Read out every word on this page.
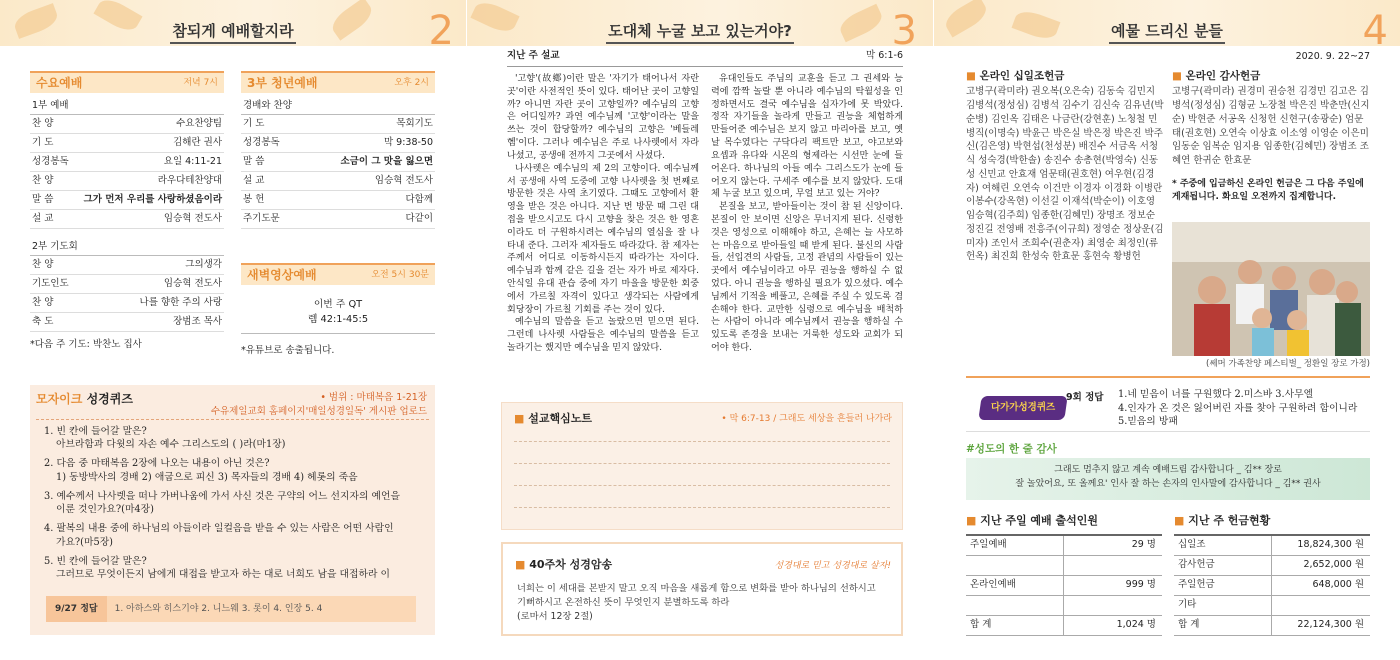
참되게 예배할지라	2
수요예배	저녁 7시
1부 예배
찬 양	수요찬양팀
기 도	김해란 권사
성경봉독	요일 4:11-21
찬 양	라우다테찬양대
말 씀	그가 먼저 우리를 사랑하셨음이라
설 교	임승혁 전도사
2부 기도회
찬 양	그의생각
기도인도	임승혁 전도사
찬 양	나를 향한 주의 사랑
축 도	장범조 목사
*다음 주 기도: 박찬노 집사
3부 청년예배	오후 2시
경배와 찬양
기 도	목회기도
성경봉독	막 9:38-50
말 씀	소금이 그 맛을 잃으면
설 교	임승혁 전도사
봉 헌	다함께
주기도문	다같이
새벽영상예배	오전 5시 30분
이번 주 QT
렘 42:1-45:5
*유튜브로 송출됩니다.
모자이크 성경퀴즈	• 범위 : 마태복음 1-21장
수유제일교회 홈페이지'매일성경일독' 게시판 업로드

1. 빈 칸에 들어갈 말은?
아브라함과 다윗의 자손 예수 그리스도의 ( )라(마1장)

2. 다음 중 마태복음 2장에 나오는 내용이 아닌 것은?
1) 동방박사의 경배 2) 애굽으로 피신 3) 목자들의 경배 4) 헤롯의 죽음

3. 예수께서 나사렛을 떠나 가버나움에 가서 사신 것은 구약의 어느 선지자의 예언을
이룬 것인가요?(마4장)

4. 팔복의 내용 중에 하나님의 아들이라 일컬음을 받을 수 있는 사람은 어떤 사람인
가요?(마5장)

5. 빈 칸에 들어갈 말은?
그러므로 무엇이든지 남에게 대접을 받고자 하는 대로 너희도 남을 대접하라 이

9/27 정답	1. 아하스와 히스기야 2. 니느웨 3. 롯이 4. 인장 5. 4
도대체 누굴 보고 있는거야?	3
지난 주 설교	막 6:1-6

'고향'(故鄕)이란 말은 '자기가 태어나서 자란 곳'이란 사전적인 뜻이 있다. 태어난 곳이 고향일까? 아니면 자란 곳이 고향일까? 예수님의 고향은 어디일까? 과연 예수님께 '고향'이라는 말을 쓰는 것이 합당할까? 예수님의 고향은 '베들레헴'이다. 그러나 예수님은 주로 나사렛에서 자라나셨고, 공생애 전까지 그곳에서 사셨다.

나사렛은 예수님의 제 2의 고향이다. 예수님께서 공생애 사역 도중에 고향 나사렛을 첫 번째로 방문한 것은 사역 초기였다. 그때도 고향에서 환영을 받은 것은 아니다. 지난 번 방문 때 그린 대접을 받으시고도 다시 고향을 찾은 것은 한 영혼이라도 더 구원하시려는 예수님의 열심을 잘 나타내 준다. 그러자 제자들도 따라갔다. 참 제자는 주께서 어디로 이동하시든지 따라가는 자이다. 예수님과 함께 같은 길을 걷는 자가 바로 제자다. 안식일 유대 관습 중에 자기 마을을 방문한 회중에서 가르칠 자격이 있다고 생각되는 사람에게 회당장이 가르칠 기회를 주는 것이 있다.

예수님의 말씀을 듣고 놀랐으면 믿으면 된다. 그런데 나사렛 사람들은 예수님의 말씀을 듣고 놀라기는 했지만 예수님을 믿지 않았다.

유대인들도 주님의 교훈을 듣고 그 권세와 능력에 깜짝 놀랄 뿐 아니라 예수님의 탁월성을 인정하면서도 결국 예수님을 십자가에 못 박았다. 정작 자기들을 놀라게 만들고 권능을 체험하게 만들어준 예수님은 보지 않고 마리아를 보고, 옛날 목수였다는 구닥다리 팩트만 보고, 야고보와 요셉과 유다와 시몬의 형제라는 시선만 눈에 들어온다. 하나님의 아들 예수 그리스도가 눈에 들어오지 않는다. 구세주 예수를 보지 않았다. 도대체 누굴 보고 있으며, 무얼 보고 있는 거야?

본질을 보고, 받아들이는 것이 참 된 신앙이다. 본질이 안 보이면 신앙은 무너지게 된다. 신령한 것은 영성으로 이해해야 하고, 은혜는 늘 사모하는 마음으로 받아들일 때 받게 된다. 불신의 사람들, 선입견의 사람들, 고정 관념의 사람들이 있는 곳에서 예수님이라고 아무 권능을 행하실 수 없었다. 아니 권능을 행하실 필요가 있으셨다. 예수님께서 기적을 베풀고, 은혜를 주실 수 있도록 겸손해야 한다. 교만한 심령으로 예수님을 배척하는 사람이 아니라 예수님께서 권능을 행하실 수 있도록 존경을 보내는 거룩한 성도와 교회가 되어야 한다.

■ 설교핵심노트	• 막 6:7-13 / 그래도 세상을 흔들러 나가라
■ 40주차 성경암송	성경대로 믿고 성경대로 살자!
너희는 이 세대를 본받지 말고 오직 마음을 새롭게 함으로 변화를 받아 하나님의 선하시고
기뻐하시고 온전하신 뜻이 무엇인지 분별하도록 하라
(로마서 12장 2절)
예물 드리신 분들	4
2020. 9. 22~27
■ 온라인 십일조헌금
고병구(곽미라) 권오복(오은숙) 김동숙 김민지 김병석(정성심) 김병석 김수기 김신숙 김유년(박순병) 김인옥 김태은 나금란(강현훈) 노청철 민병직(이명숙) 박윤근 박은실 박은정 박은진 박주신(김은영) 박현섭(천성분) 배진수 서금옥 서청식 성숙경(박한솔) 송진수 송총현(박영숙) 신동성 신민교 안효재 엄문태(권호현) 여우현(김경자) 여해린 오연숙 이건만 이경자 이경화 이병란 이봉수(강옥현) 이선길 이재석(박순이) 이호영 임승혁(김주희) 임종한(김혜민) 장명조 정보순 정진길 전영배 전흥주(이규희) 정영순 정상운(김미자) 조인서 조희수(권춘자) 최영순 최정인(류헌옥) 최진희 한성숙 한효문 홍현숙 황병헌
■ 온라인 감사헌금
고병구(곽미라) 권경미 권승천 김경민 김고은 김병석(정성심) 김형균 노장철 박은진 박춘만(신지순) 박현준 서공옥 신청헌 신현구(송광순) 엄문태(권호현) 오연숙 이상효 이소영 이영순 이은미 임동순 임복순 임지용 임종한(김혜민) 장범조 조혜연 한귀순 한효문
* 주중에 입금하신 온라인 헌금은 그 다음 주일에 게재됩니다. 화요일 오전까지 집계합니다.
(쎄머 가족찬양 페스티벌_ 정환일 장로 가정)
다가가성경퀴즈
9회 정답 1.네 믿음이 너를 구원했다 2.미스바 3.사무엘
4.인자가 온 것은 잃어버린 자를 찾아 구원하려 함이니라
5.믿음의 방패
#성도의 한 줄 감사
그래도 멈추지 않고 계속 예배드림 감사합니다 _ 김** 장로
잘 놀았어요, 또 올께요' 인사 잘 하는 손자의 인사말에 감사합니다 _ 김** 권사
■ 지난 주일 예배 출석인원
주일예배	29 명
온라인예배	999 명
합 계	1,024 명
■ 지난 주 헌금현황
십일조	18,824,300 원
감사헌금	2,652,000 원
주일헌금	648,000 원
기타
합 계	22,124,300 원
